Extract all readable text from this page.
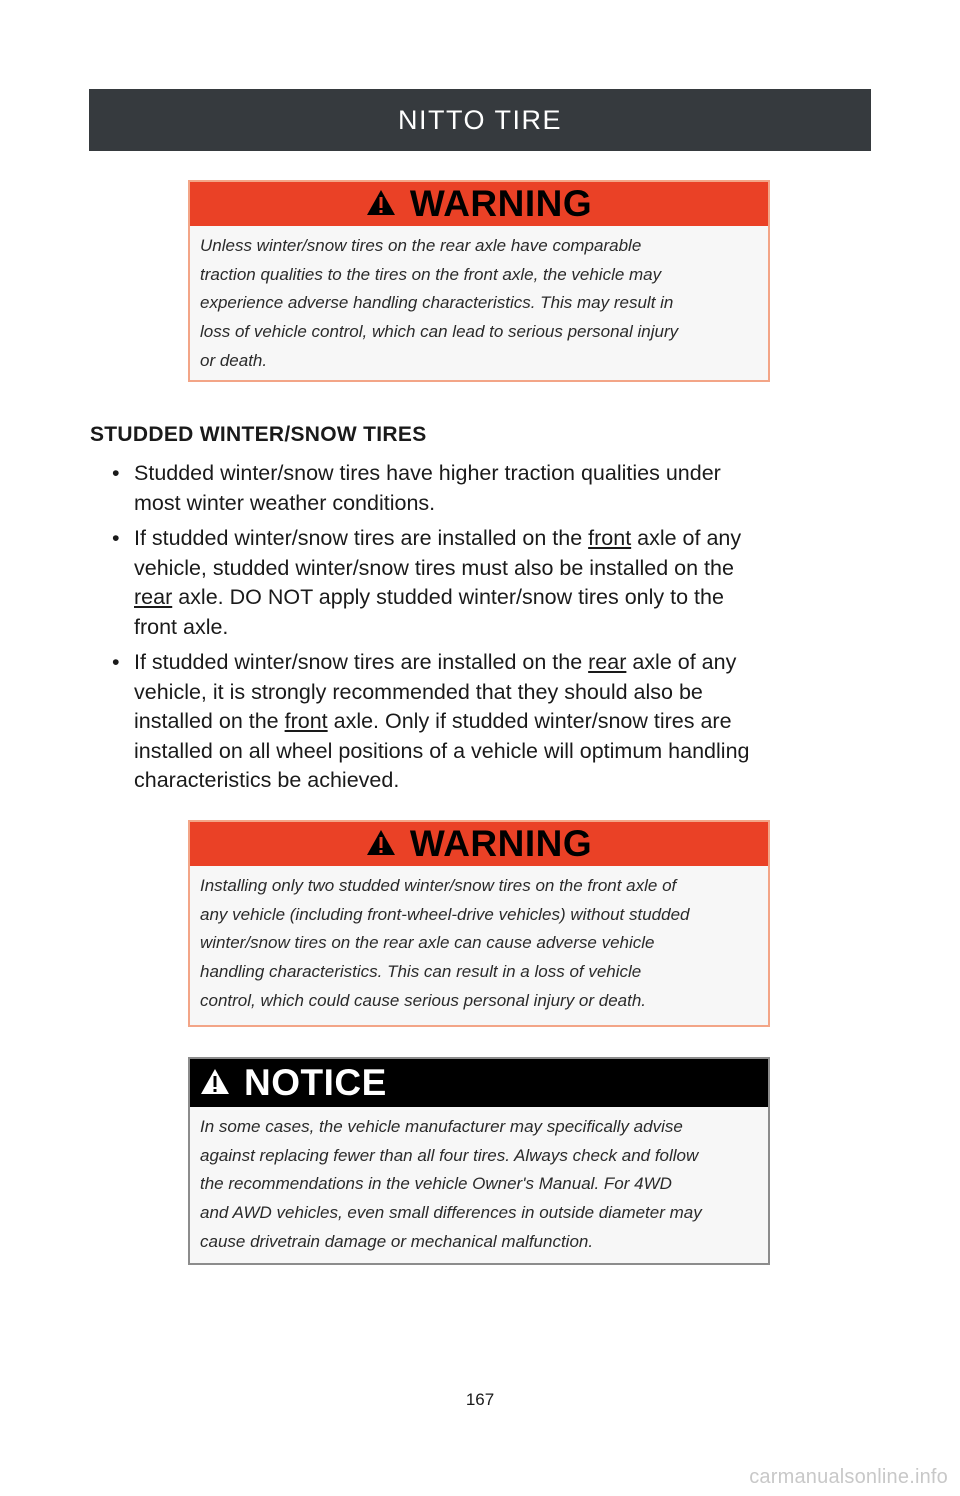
NITTO TIRE
WARNING
Unless winter/snow tires on the rear axle have comparable
traction qualities to the tires on the front axle, the vehicle may
experience adverse handling characteristics. This may result in
loss of vehicle control, which can lead to serious personal injury
or death.
STUDDED WINTER/SNOW TIRES
• Studded winter/snow tires have higher traction qualities under
most winter weather conditions.
• If studded winter/snow tires are installed on the front axle of any
vehicle, studded winter/snow tires must also be installed on the
rear axle. DO NOT apply studded winter/snow tires only to the
front axle.
• If studded winter/snow tires are installed on the rear axle of any
vehicle, it is strongly recommended that they should also be
installed on the front axle. Only if studded winter/snow tires are
installed on all wheel positions of a vehicle will optimum handling
characteristics be achieved.
WARNING
Installing only two studded winter/snow tires on the front axle of
any vehicle (including front-wheel-drive vehicles) without studded
winter/snow tires on the rear axle can cause adverse vehicle
handling characteristics. This can result in a loss of vehicle
control, which could cause serious personal injury or death.
NOTICE
In some cases, the vehicle manufacturer may specifically advise
against replacing fewer than all four tires. Always check and follow
the recommendations in the vehicle Owner's Manual. For 4WD
and AWD vehicles, even small differences in outside diameter may
cause drivetrain damage or mechanical malfunction.
167
carmanualsonline.info
